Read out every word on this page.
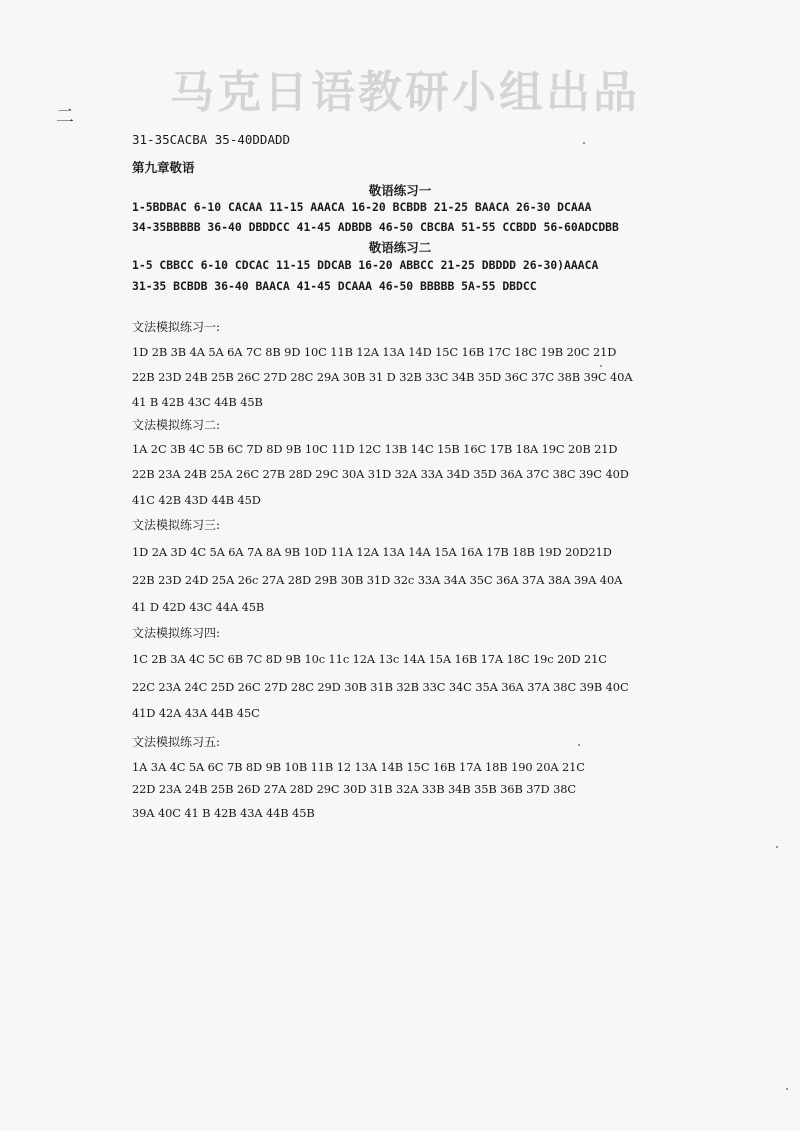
马克日语教研小组出品
二
31-35CACBA 35-40DDADD
第九章敬语
敬语练习一
1-5BDBAC 6-10 CACAA 11-15 AAACA 16-20 BCBDB 21-25 BAACA 26-30 DCAAA
34-35BBBBB 36-40 DBDDCC 41-45 ADBDB 46-50 CBCBA 51-55 CCBDD 56-60ADCDBB
敬语练习二
1-5 CBBCC 6-10 CDCAC 11-15 DDCAB 16-20 ABBCC 21-25 DBDDD 26-30)AAACA
31-35 BCBDB 36-40 BAACA 41-45 DCAAA 46-50 BBBBB 5A-55 DBDCC
文法模拟练习一:
1D 2B 3B 4A 5A 6A 7C 8B 9D 10C 11B 12A 13A 14D 15C 16B 17C 18C 19B 20C 21D
22B 23D 24B 25B 26C 27D 28C 29A 30B 31 D 32B 33C 34B 35D 36C 37C 38B 39C 40A
41 B 42B 43C 44B 45B
文法模拟练习二:
1A 2C 3B 4C 5B 6C 7D 8D 9B 10C 11D 12C 13B 14C 15B 16C 17B 18A 19C 20B 21D
22B 23A 24B 25A 26C 27B 28D 29C 30A 31D 32A 33A 34D 35D 36A 37C 38C 39C 40D
41C 42B 43D 44B 45D
文法模拟练习三:
1D 2A 3D 4C 5A 6A 7A 8A 9B 10D 11A 12A 13A 14A 15A 16A 17B 18B 19D 20D21D
22B 23D 24D 25A 26c 27A 28D 29B 30B 31D 32c 33A 34A 35C 36A 37A 38A 39A 40A
41 D 42D 43C 44A 45B
文法模拟练习四:
1C 2B 3A 4C 5C 6B 7C 8D 9B 10c 11c 12A 13c 14A 15A 16B 17A 18C 19c 20D 21C
22C 23A 24C 25D 26C 27D 28C 29D 30B 31B 32B 33C 34C 35A 36A 37A 38C 39B 40C
41D 42A 43A 44B 45C
文法模拟练习五:
1A 3A 4C 5A 6C 7B 8D 9B 10B 11B 12 13A 14B 15C 16B 17A 18B 190 20A 21C
22D 23A 24B 25B 26D 27A 28D 29C 30D 31B 32A 33B 34B 35B 36B 37D 38C
39A 40C 41 B 42B 43A 44B 45B
